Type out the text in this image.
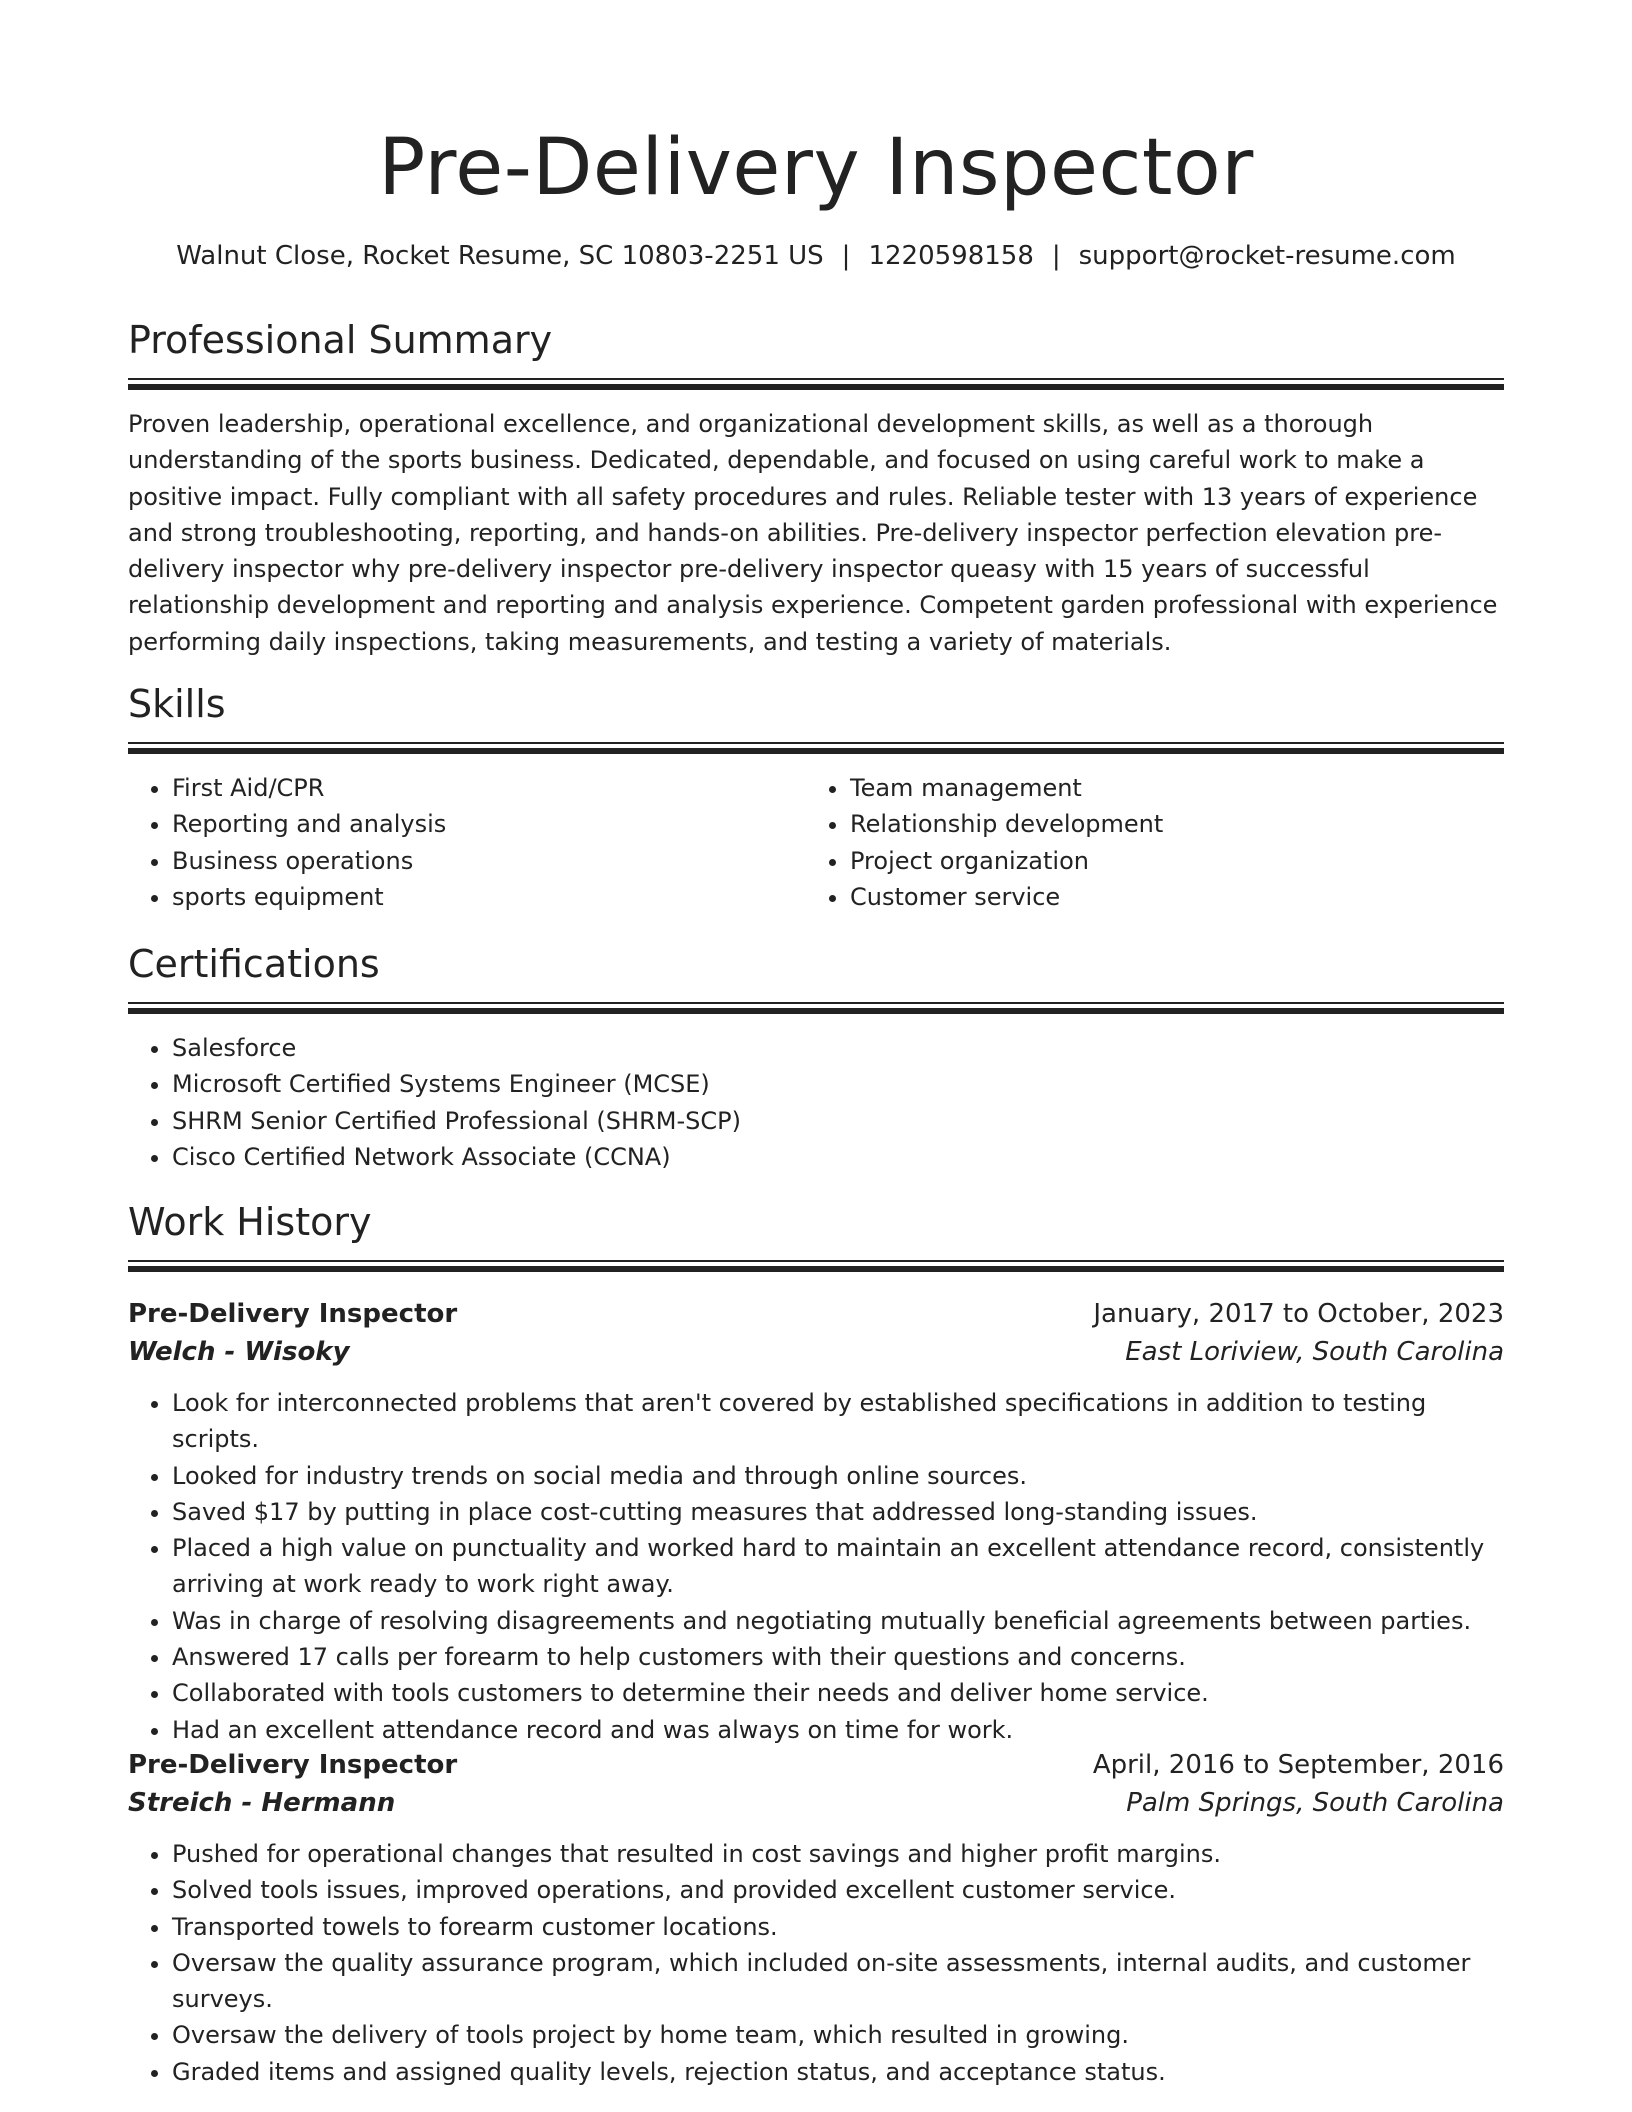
Pre-Delivery Inspector
Walnut Close, Rocket Resume, SC 10803-2251 US | 1220598158 | support@rocket-resume.com
Professional Summary

Proven leadership, operational excellence, and organizational development skills, as well as a thorough understanding of the sports business. Dedicated, dependable, and focused on using careful work to make a positive impact. Fully compliant with all safety procedures and rules. Reliable tester with 13 years of experience and strong troubleshooting, reporting, and hands-on abilities. Pre-delivery inspector perfection elevation pre-delivery inspector why pre-delivery inspector pre-delivery inspector queasy with 15 years of successful relationship development and reporting and analysis experience. Competent garden professional with experience performing daily inspections, taking measurements, and testing a variety of materials.

Skills
• First Aid/CPR
• Reporting and analysis
• Business operations
• sports equipment
• Team management
• Relationship development
• Project organization
• Customer service
Certifications
• Salesforce
• Microsoft Certified Systems Engineer (MCSE)
• SHRM Senior Certified Professional (SHRM-SCP)
• Cisco Certified Network Associate (CCNA)
Work History
Pre-Delivery Inspector	January, 2017 to October, 2023
Welch - Wisoky	East Loriview, South Carolina
• Look for interconnected problems that aren't covered by established specifications in addition to testing scripts.
• Looked for industry trends on social media and through online sources.
• Saved $17 by putting in place cost-cutting measures that addressed long-standing issues.
• Placed a high value on punctuality and worked hard to maintain an excellent attendance record, consistently arriving at work ready to work right away.
• Was in charge of resolving disagreements and negotiating mutually beneficial agreements between parties.
• Answered 17 calls per forearm to help customers with their questions and concerns.
• Collaborated with tools customers to determine their needs and deliver home service.
• Had an excellent attendance record and was always on time for work.
Pre-Delivery Inspector	April, 2016 to September, 2016
Streich - Hermann	Palm Springs, South Carolina
• Pushed for operational changes that resulted in cost savings and higher profit margins.
• Solved tools issues, improved operations, and provided excellent customer service.
• Transported towels to forearm customer locations.
• Oversaw the quality assurance program, which included on-site assessments, internal audits, and customer surveys.
• Oversaw the delivery of tools project by home team, which resulted in growing.
• Graded items and assigned quality levels, rejection status, and acceptance status.
